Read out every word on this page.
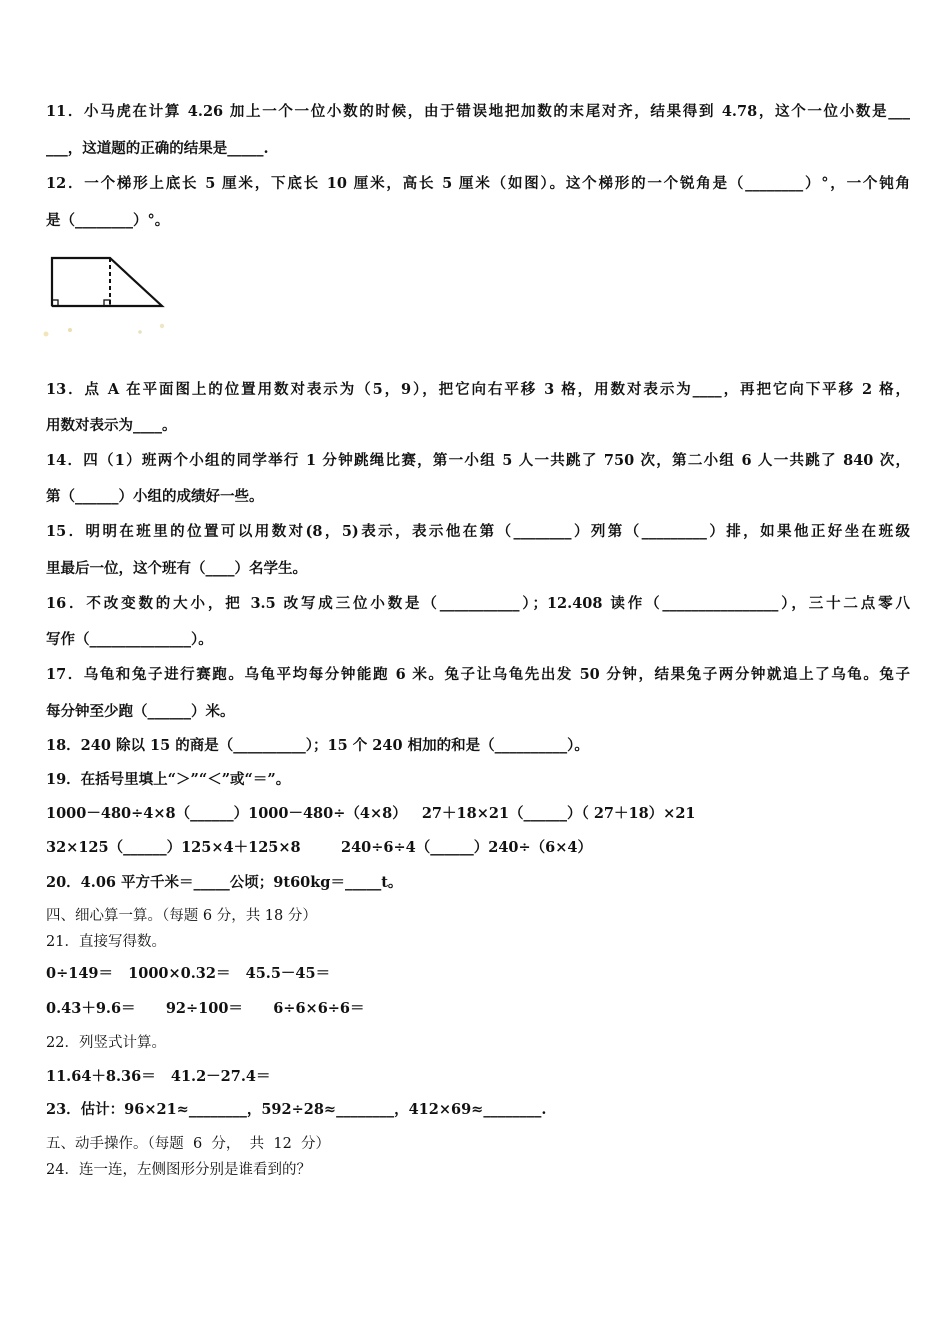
11．小马虎在计算 4.26 加上一个一位小数的时候，由于错误地把加数的末尾对齐，结果得到 4.78，这个一位小数是___
___，这道题的正确的结果是_____.
12．一个梯形上底长 5 厘米，下底长 10 厘米，高长 5 厘米（如图）。这个梯形的一个锐角是（________）°，一个钝角
是（________）°。
13．点 A 在平面图上的位置用数对表示为（5，9），把它向右平移 3 格，用数对表示为____，再把它向下平移 2 格，
用数对表示为____。
14．四（1）班两个小组的同学举行 1 分钟跳绳比赛，第一小组 5 人一共跳了 750 次，第二小组 6 人一共跳了 840 次，
第（______）小组的成绩好一些。
15．明明在班里的位置可以用数对(8，5)表示，表示他在第（________）列第（_________）排，如果他正好坐在班级
里最后一位，这个班有（____）名学生。
16．不改变数的大小，把 3.5 改写成三位小数是（___________）；12.408 读作（________________），三十二点零八
写作（______________）。
17．乌龟和兔子进行赛跑。乌龟平均每分钟能跑 6 米。兔子让乌龟先出发 50 分钟，结果兔子两分钟就追上了乌龟。兔子
每分钟至少跑（______）米。
18．240 除以 15 的商是（__________）；15 个 240 相加的和是（__________）。
19．在括号里填上“＞”“＜”或“＝”。
1000－480÷4×8（______）1000－480÷（4×8）   27＋18×21（______）（ 27＋18）×21
32×125（______）125×4＋125×8        240÷6÷4（______）240÷（6×4）
20．4.06 平方千米＝_____公顷；9t60kg＝_____t。
四、细心算一算。（每题 6 分，共 18 分）
21．直接写得数。
0÷149＝   1000×0.32＝   45.5－45＝
0.43＋9.6＝      92÷100＝      6÷6×6÷6＝
22．列竖式计算。
11.64＋8.36＝   41.2－27.4＝
23．估计：96×21≈________，592÷28≈________，412×69≈________.
五、动手操作。（每题  6  分，  共  12  分）
24．连一连，左侧图形分别是谁看到的？
